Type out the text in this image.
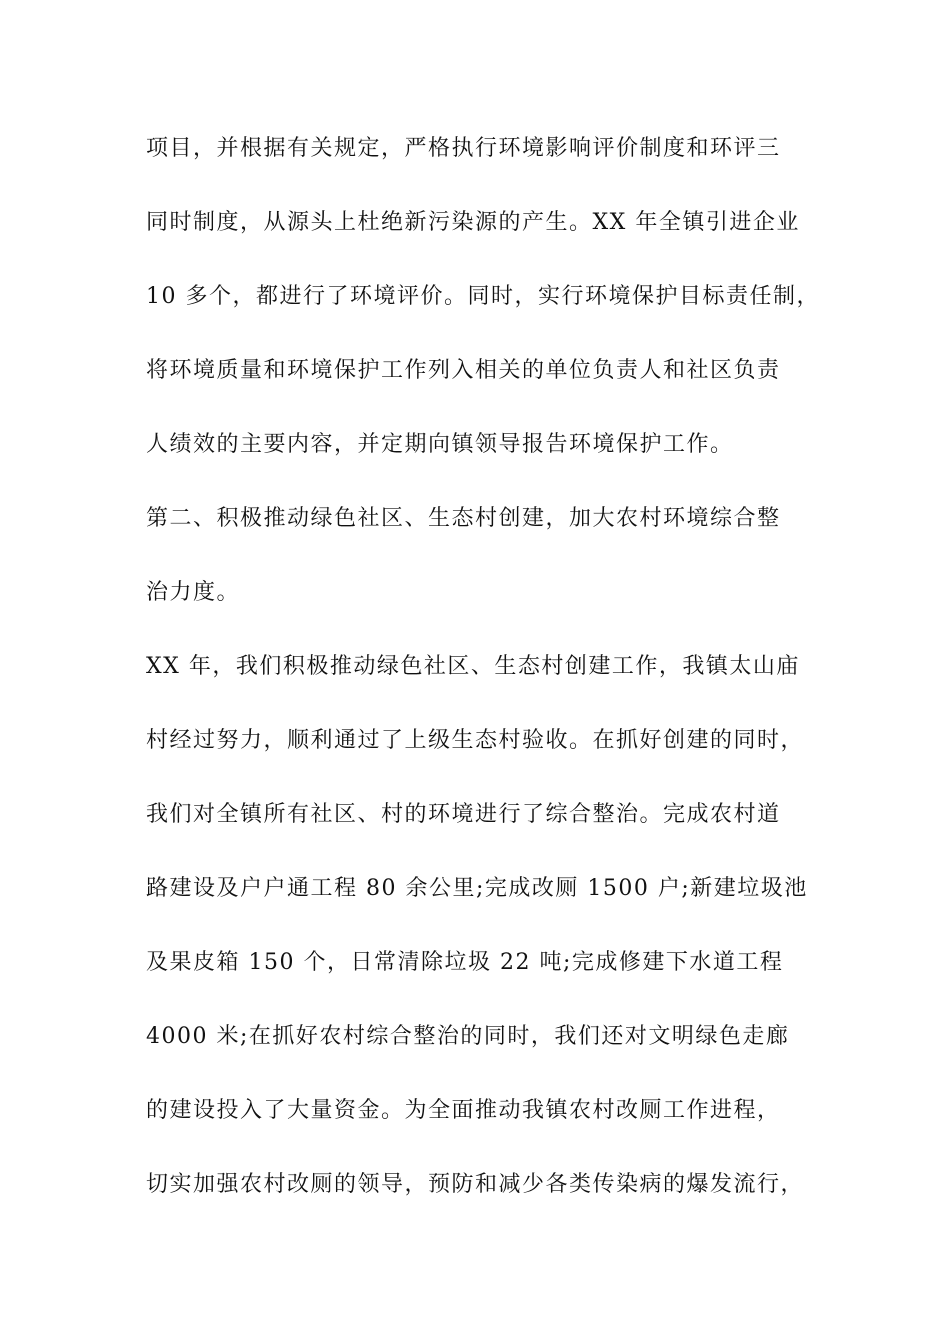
项目，并根据有关规定，严格执行环境影响评价制度和环评三
同时制度，从源头上杜绝新污染源的产生。XX 年全镇引进企业
10 多个，都进行了环境评价。同时，实行环境保护目标责任制，
将环境质量和环境保护工作列入相关的单位负责人和社区负责
人绩效的主要内容，并定期向镇领导报告环境保护工作。
第二、积极推动绿色社区、生态村创建，加大农村环境综合整
治力度。
XX 年，我们积极推动绿色社区、生态村创建工作，我镇太山庙
村经过努力，顺利通过了上级生态村验收。在抓好创建的同时，
我们对全镇所有社区、村的环境进行了综合整治。完成农村道
路建设及户户通工程 80 余公里;完成改厕 1500 户;新建垃圾池
及果皮箱 150 个，日常清除垃圾 22 吨;完成修建下水道工程
4000 米;在抓好农村综合整治的同时，我们还对文明绿色走廊
的建设投入了大量资金。为全面推动我镇农村改厕工作进程，
切实加强农村改厕的领导，预防和减少各类传染病的爆发流行，
